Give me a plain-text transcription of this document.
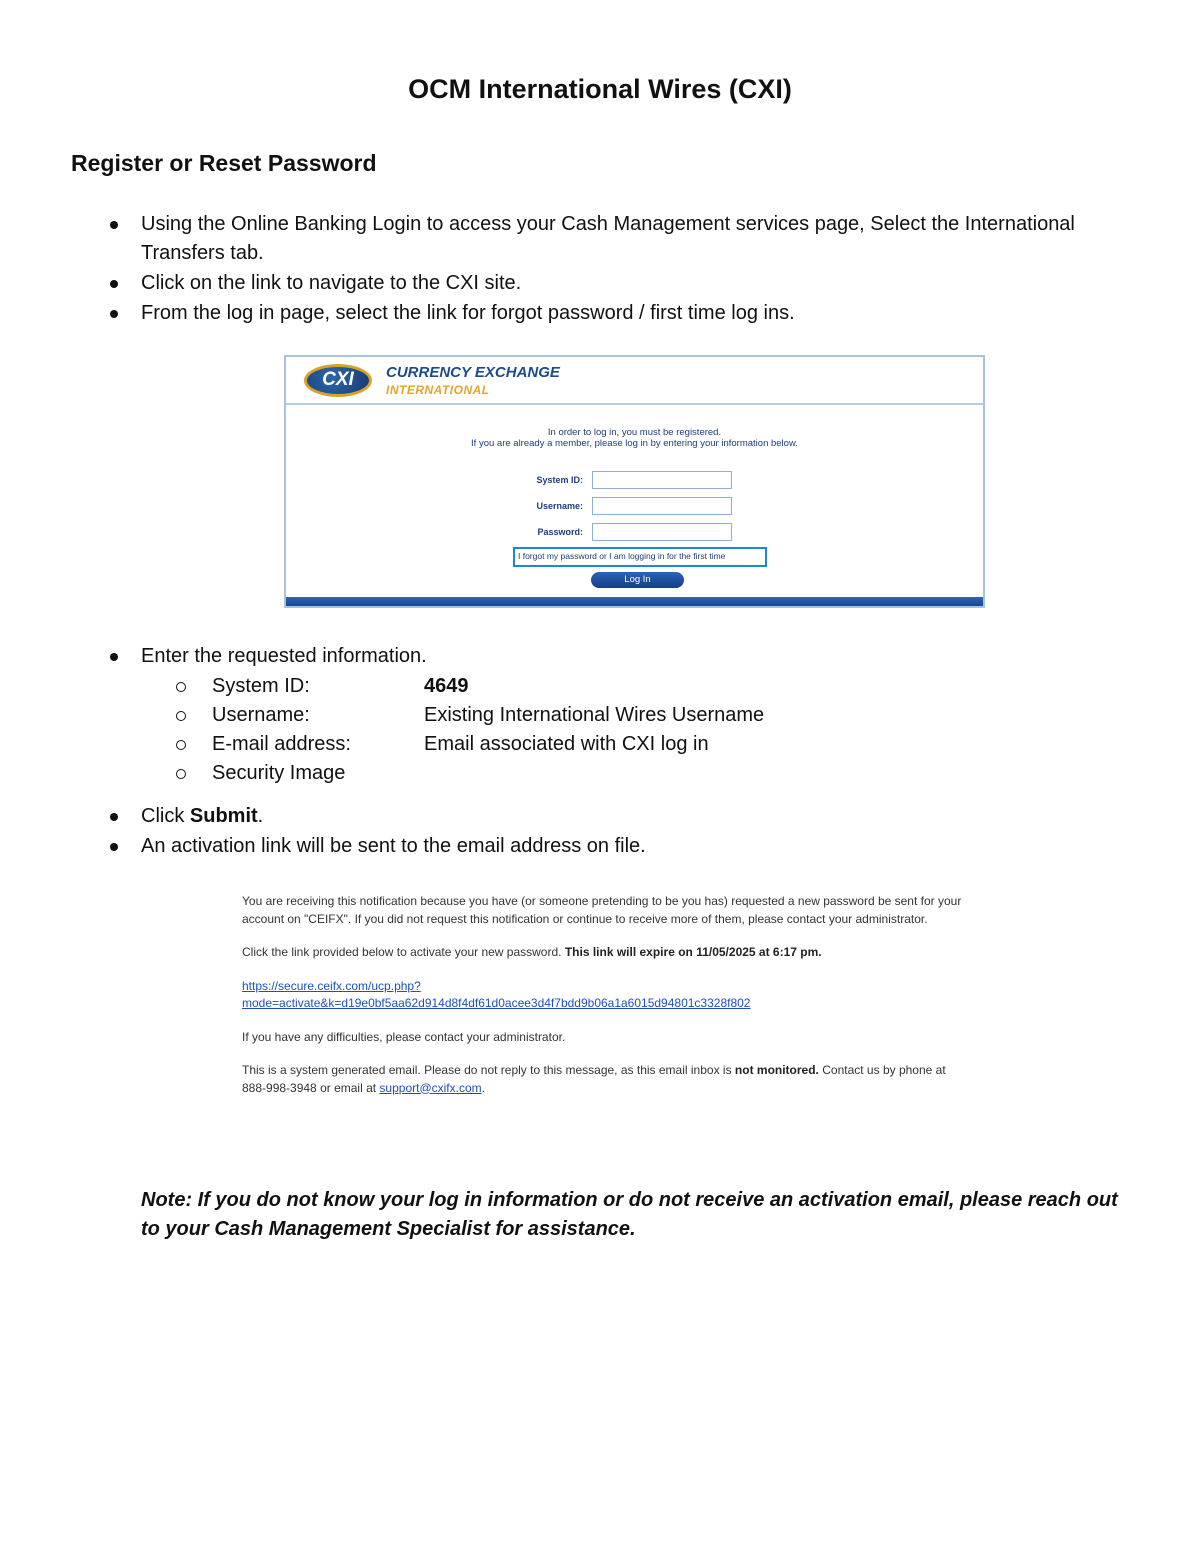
OCM International Wires (CXI)
Register or Reset Password
Using the Online Banking Login to access your Cash Management services page, Select the International Transfers tab.
Click on the link to navigate to the CXI site.
From the log in page, select the link for forgot password / first time log ins.
CXI	CURRENCY EXCHANGE
INTERNATIONAL
In order to log in, you must be registered.
If you are already a member, please log in by entering your information below.
System ID:
Username:
Password:
I forgot my password or I am logging in for the first time
Log In
Enter the requested information.
System ID:	4649
Username:	Existing International Wires Username
E-mail address:	Email associated with CXI log in
Security Image
Click Submit.
An activation link will be sent to the email address on file.

You are receiving this notification because you have (or someone pretending to be you has) requested a new password be sent for your account on "CEIFX". If you did not request this notification or continue to receive more of them, please contact your administrator.

Click the link provided below to activate your new password. This link will expire on 11/05/2025 at 6:17 pm.

https://secure.ceifx.com/ucp.php?
mode=activate&k=d19e0bf5aa62d914d8f4df61d0acee3d4f7bdd9b06a1a6015d94801c3328f802

If you have any difficulties, please contact your administrator.

This is a system generated email. Please do not reply to this message, as this email inbox is not monitored. Contact us by phone at 888-998-3948 or email at support@cxifx.com.

Note: If you do not know your log in information or do not receive an activation email, please reach out to your Cash Management Specialist for assistance.
